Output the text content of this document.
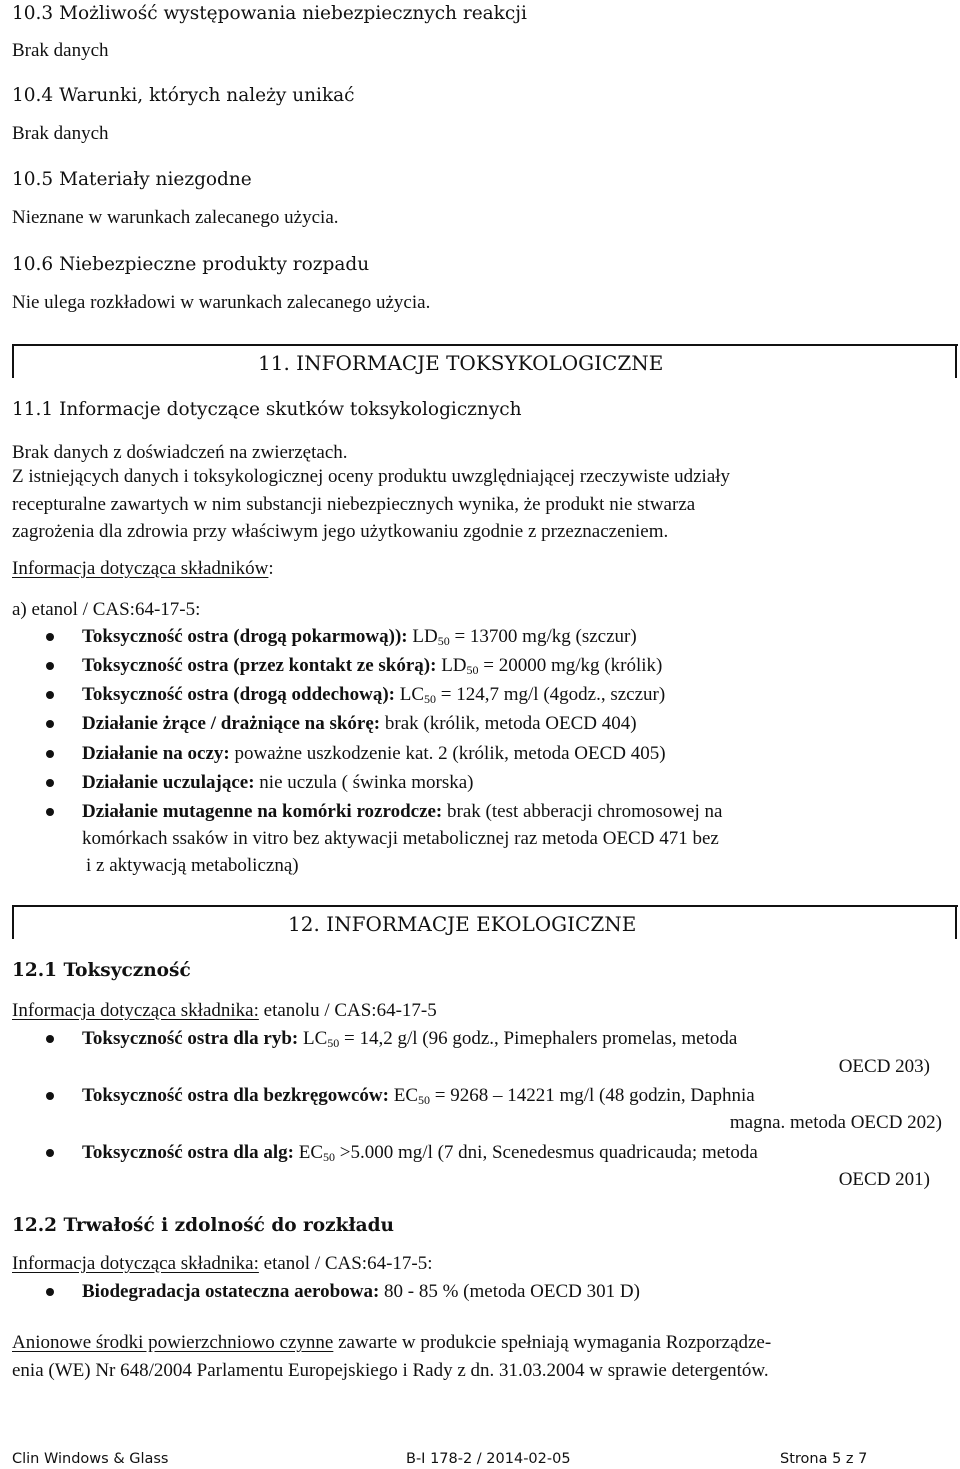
10.3 Możliwość występowania niebezpiecznych reakcji
Brak danych
10.4 Warunki, których należy unikać
Brak danych
10.5 Materiały niezgodne
Nieznane w warunkach zalecanego użycia.
10.6 Niebezpieczne produkty rozpadu
Nie ulega rozkładowi w warunkach zalecanego użycia.
11. INFORMACJE TOKSYKOLOGICZNE
11.1 Informacje dotyczące skutków toksykologicznych
Brak danych z doświadczeń na zwierzętach.
Z istniejących danych i toksykologicznej oceny produktu uwzględniającej rzeczywiste udziały
recepturalne zawartych w nim substancji niebezpiecznych wynika, że produkt nie stwarza
zagrożenia dla zdrowia przy właściwym jego użytkowaniu zgodnie z przeznaczeniem.
Informacja dotycząca składników:
a) etanol / CAS:64-17-5:
Toksyczność ostra (drogą pokarmową)): $LD_{50} = 13700$ mg/kg (szczur)
Toksyczność ostra (przez kontakt ze skórą): $LD_{50} = 20000$ mg/kg (królik)
Toksyczność ostra (drogą oddechową): $LC_{50} = 124,7$ mg/l (4godz., szczur)
Działanie żrące / drażniące na skórę: brak (królik, metoda OECD 404)
Działanie na oczy: poważne uszkodzenie kat. 2 (królik, metoda OECD 405)
Działanie uczulające: nie uczula ( świnka morska)
Działanie mutagenne na komórki rozrodcze: brak (test abberacji chromosowej na
komórkach ssaków in vitro bez aktywacji metabolicznej raz metoda OECD 471 bez
i z aktywacją metaboliczną)
12. INFORMACJE EKOLOGICZNE
12.1 Toksyczność
Informacja dotycząca składnika: etanolu / CAS:64-17-5
Toksyczność ostra dla ryb: $LC_{50} = 14,2$ g/l (96 godz., Pimephalers promelas, metoda
OECD 203)
Toksyczność ostra dla bezkręgowców: $EC_{50} = 9268 - 14221$ mg/l (48 godzin, Daphnia
magna. metoda OECD 202)
Toksyczność ostra dla alg: $EC_{50} >5.000$ mg/l (7 dni, Scenedesmus quadricauda; metoda
OECD 201)
12.2 Trwałość i zdolność do rozkładu
Informacja dotycząca składnika: etanol / CAS:64-17-5:
Biodegradacja ostateczna aerobowa: 80 - 85 % (metoda OECD 301 D)
Anionowe środki powierzchniowo czynne zawarte w produkcie spełniają wymagania Rozporządze-
enia (WE) Nr 648/2004 Parlamentu Europejskiego i Rady z dn. 31.03.2004 w sprawie detergentów.
Clin Windows & Glass	B-I 178-2 / 2014-02-05	Strona 5 z 7
